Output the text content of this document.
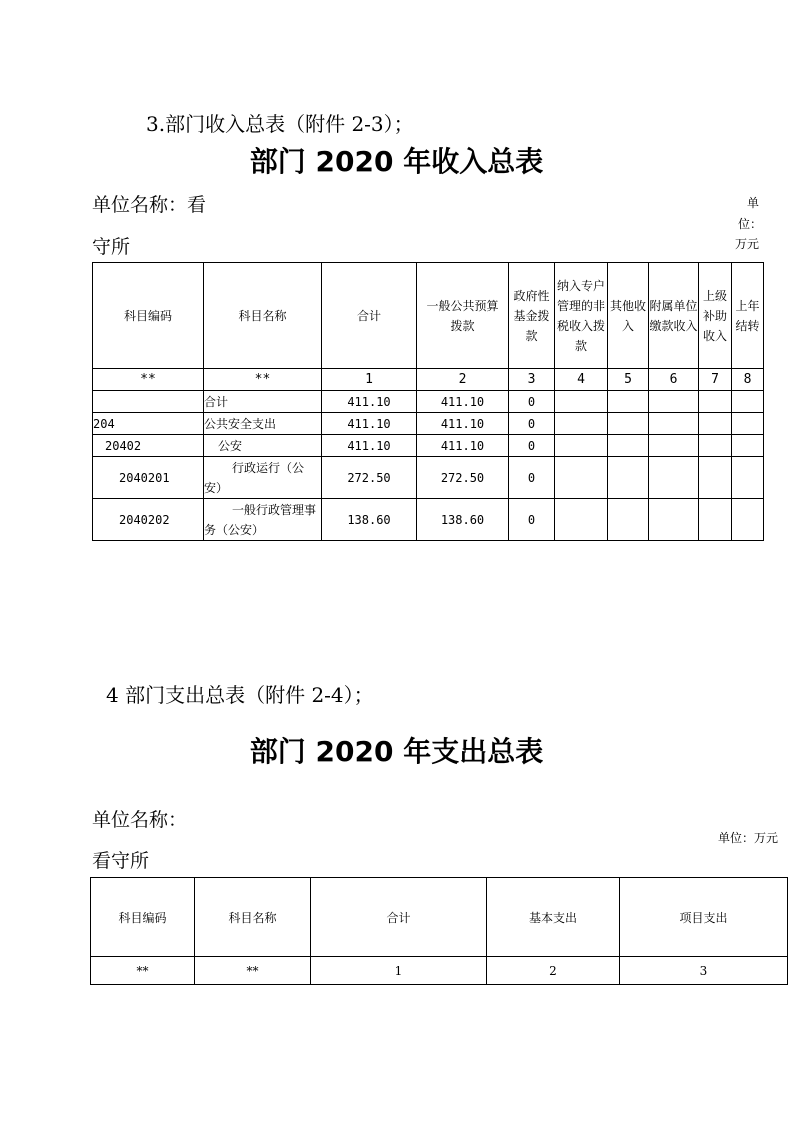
3.部门收入总表（附件 2-3）；
部门 2020 年收入总表
单位名称：看
守所
单
位：
万元
科目编码	科目名称	合计	一般公共预算拨款	政府性基金拨款	纳入专户管理的非税收入拨款	其他收入	附属单位缴款收入	上级补助收入	上年结转
**	**	1	2	3	4	5	6	7	8
	合计	411.10	411.10	0					
204	公共安全支出	411.10	411.10	0					
20402	公安	411.10	411.10	0					
2040201	行政运行（公安）	272.50	272.50	0					
2040202	一般行政管理事务（公安）	138.60	138.60	0					
4 部门支出总表（附件 2-4）；
部门 2020 年支出总表
单位名称：
看守所
单位：万元
科目编码	科目名称	合计	基本支出	项目支出
**	**	1	2	3
